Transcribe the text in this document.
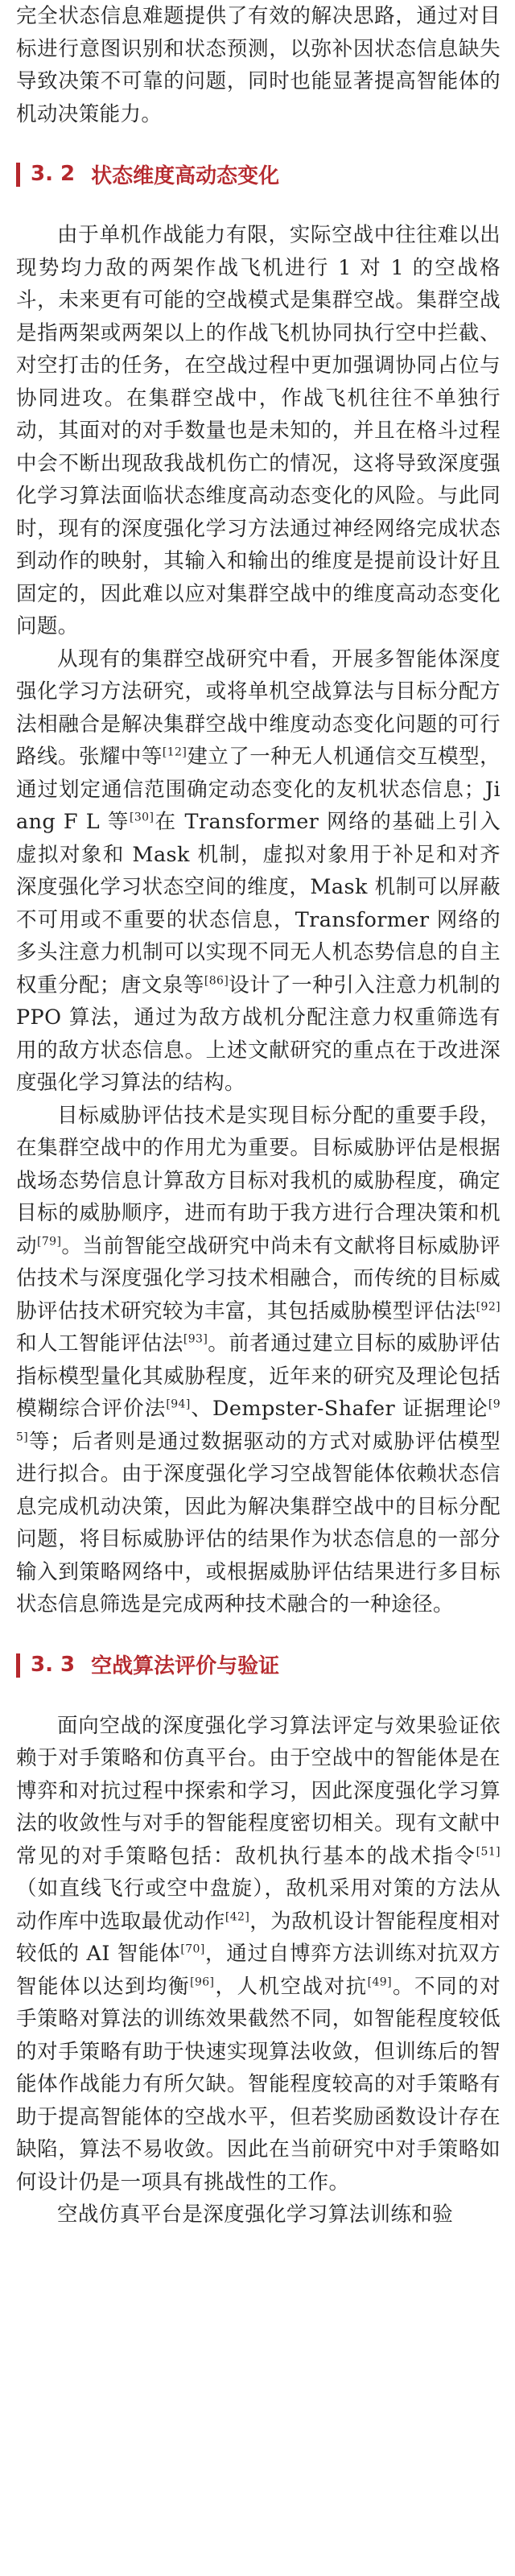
完全状态信息难题提供了有效的解决思路，通过对目标进行意图识别和状态预测，以弥补因状态信息缺失导致决策不可靠的问题，同时也能显著提高智能体的机动决策能力。

3. 2 状态维度高动态变化

由于单机作战能力有限，实际空战中往往难以出现势均力敌的两架作战飞机进行 1 对 1 的空战格斗，未来更有可能的空战模式是集群空战。集群空战是指两架或两架以上的作战飞机协同执行空中拦截、对空打击的任务，在空战过程中更加强调协同占位与协同进攻。在集群空战中，作战飞机往往不单独行动，其面对的对手数量也是未知的，并且在格斗过程中会不断出现敌我战机伤亡的情况，这将导致深度强化学习算法面临状态维度高动态变化的风险。与此同时，现有的深度强化学习方法通过神经网络完成状态到动作的映射，其输入和输出的维度是提前设计好且固定的，因此难以应对集群空战中的维度高动态变化问题。

从现有的集群空战研究中看，开展多智能体深度强化学习方法研究，或将单机空战算法与目标分配方法相融合是解决集群空战中维度动态变化问题的可行路线。张耀中等[12]建立了一种无人机通信交互模型，通过划定通信范围确定动态变化的友机状态信息；Jiang F L 等[30]在 Transformer 网络的基础上引入虚拟对象和 Mask 机制，虚拟对象用于补足和对齐深度强化学习状态空间的维度，Mask 机制可以屏蔽不可用或不重要的状态信息，Transformer 网络的多头注意力机制可以实现不同无人机态势信息的自主权重分配；唐文泉等[86]设计了一种引入注意力机制的 PPO 算法，通过为敌方战机分配注意力权重筛选有用的敌方状态信息。上述文献研究的重点在于改进深度强化学习算法的结构。

目标威胁评估技术是实现目标分配的重要手段，在集群空战中的作用尤为重要。目标威胁评估是根据战场态势信息计算敌方目标对我机的威胁程度，确定目标的威胁顺序，进而有助于我方进行合理决策和机动[79]。当前智能空战研究中尚未有文献将目标威胁评估技术与深度强化学习技术相融合，而传统的目标威胁评估技术研究较为丰富，其包括威胁模型评估法[92]和人工智能评估法[93]。前者通过建立目标的威胁评估指标模型量化其威胁程度，近年来的研究及理论包括模糊综合评价法[94]、Dempster-Shafer 证据理论[95]等；后者则是通过数据驱动的方式对威胁评估模型进行拟合。由于深度强化学习空战智能体依赖状态信息完成机动决策，因此为解决集群空战中的目标分配问题，将目标威胁评估的结果作为状态信息的一部分输入到策略网络中，或根据威胁评估结果进行多目标状态信息筛选是完成两种技术融合的一种途径。

3. 3 空战算法评价与验证

面向空战的深度强化学习算法评定与效果验证依赖于对手策略和仿真平台。由于空战中的智能体是在博弈和对抗过程中探索和学习，因此深度强化学习算法的收敛性与对手的智能程度密切相关。现有文献中常见的对手策略包括：敌机执行基本的战术指令[51]（如直线飞行或空中盘旋），敌机采用对策的方法从动作库中选取最优动作[42]，为敌机设计智能程度相对较低的 AI 智能体[70]，通过自博弈方法训练对抗双方智能体以达到均衡[96]，人机空战对抗[49]。不同的对手策略对算法的训练效果截然不同，如智能程度较低的对手策略有助于快速实现算法收敛，但训练后的智能体作战能力有所欠缺。智能程度较高的对手策略有助于提高智能体的空战水平，但若奖励函数设计存在缺陷，算法不易收敛。因此在当前研究中对手策略如何设计仍是一项具有挑战性的工作。

空战仿真平台是深度强化学习算法训练和验
